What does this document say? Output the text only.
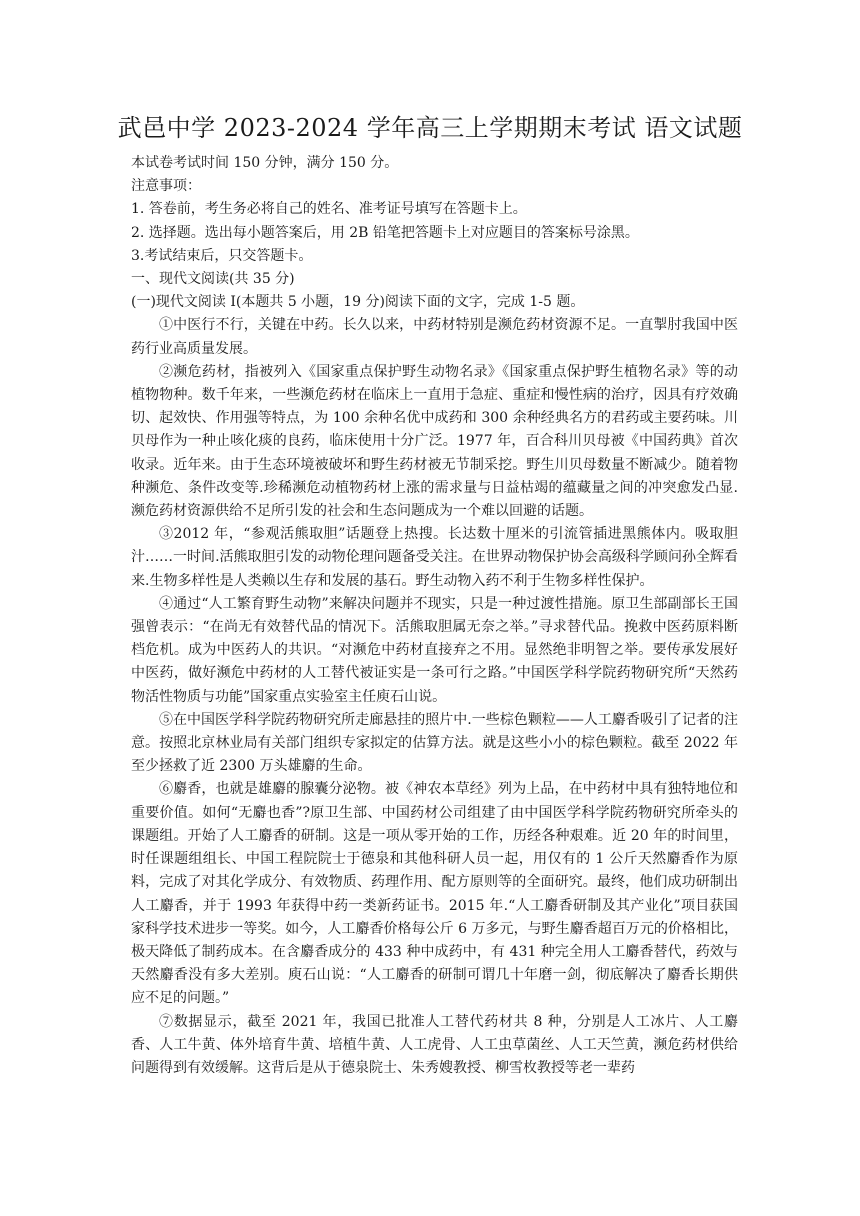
武邑中学 2023-2024 学年高三上学期期末考试 语文试题

本试卷考试时间 150 分钟，满分 150 分。

注意事项：

1. 答卷前，考生务必将自己的姓名、准考证号填写在答题卡上。

2. 选择题。选出每小题答案后，用 2B 铅笔把答题卡上对应题目的答案标号涂黑。

3.考试结束后，只交答题卡。

一、现代文阅读(共 35 分)

(一)现代文阅读 I(本题共 5 小题，19 分)阅读下面的文字，完成 1-5 题。

①中医行不行，关键在中药。长久以来，中药材特别是濒危药材资源不足。一直掣肘我国中医药行业高质量发展。

②濒危药材，指被列入《国家重点保护野生动物名录》《国家重点保护野生植物名录》等的动植物物种。数千年来，一些濒危药材在临床上一直用于急症、重症和慢性病的治疗，因具有疗效确切、起效快、作用强等特点，为 100 余种名优中成药和 300 余种经典名方的君药或主要药味。川贝母作为一种止咳化痰的良药，临床使用十分广泛。1977 年，百合科川贝母被《中国药典》首次收录。近年来。由于生态环境被破坏和野生药材被无节制采挖。野生川贝母数量不断减少。随着物种濒危、条件改变等.珍稀濒危动植物药材上涨的需求量与日益枯竭的蕴藏量之间的冲突愈发凸显.濒危药材资源供给不足所引发的社会和生态问题成为一个难以回避的话题。

③2012 年，“参观活熊取胆”话题登上热搜。长达数十厘米的引流管插进黑熊体内。吸取胆汁……一时间.活熊取胆引发的动物伦理问题备受关注。在世界动物保护协会高级科学顾问孙全辉看来.生物多样性是人类赖以生存和发展的基石。野生动物入药不利于生物多样性保护。

④通过“人工繁育野生动物”来解决问题并不现实，只是一种过渡性措施。原卫生部副部长王国强曾表示：“在尚无有效替代品的情况下。活熊取胆属无奈之举。”寻求替代品。挽救中医药原料断档危机。成为中医药人的共识。“对濒危中药材直接弃之不用。显然绝非明智之举。要传承发展好中医药，做好濒危中药材的人工替代被证实是一条可行之路。”中国医学科学院药物研究所“天然药物活性物质与功能”国家重点实验室主任庾石山说。

⑤在中国医学科学院药物研究所走廊悬挂的照片中.一些棕色颗粒——人工麝香吸引了记者的注意。按照北京林业局有关部门组织专家拟定的估算方法。就是这些小小的棕色颗粒。截至 2022 年至少拯救了近 2300 万头雄麝的生命。

⑥麝香，也就是雄麝的腺囊分泌物。被《神农本草经》列为上品，在中药材中具有独特地位和重要价值。如何“无麝也香”?原卫生部、中国药材公司组建了由中国医学科学院药物研究所牵头的课题组。开始了人工麝香的研制。这是一项从零开始的工作，历经各种艰难。近 20 年的时间里，时任课题组组长、中国工程院院士于德泉和其他科研人员一起，用仅有的 1 公斤天然麝香作为原料，完成了对其化学成分、有效物质、药理作用、配方原则等的全面研究。最终，他们成功研制出人工麝香，并于 1993 年获得中药一类新药证书。2015 年.“人工麝香研制及其产业化”项目获国家科学技术进步一等奖。如今，人工麝香价格每公斤 6 万多元，与野生麝香超百万元的价格相比，极天降低了制药成本。在含麝香成分的 433 种中成药中，有 431 种完全用人工麝香替代，药效与天然麝香没有多大差别。庾石山说：“人工麝香的研制可谓几十年磨一剑，彻底解决了麝香长期供应不足的问题。”

⑦数据显示，截至 2021 年，我国已批准人工替代药材共 8 种，分别是人工冰片、人工麝香、人工牛黄、体外培育牛黄、培植牛黄、人工虎骨、人工虫草菌丝、人工天竺黄，濒危药材供给问题得到有效缓解。这背后是从于德泉院士、朱秀嫂教授、柳雪枚教授等老一辈药
